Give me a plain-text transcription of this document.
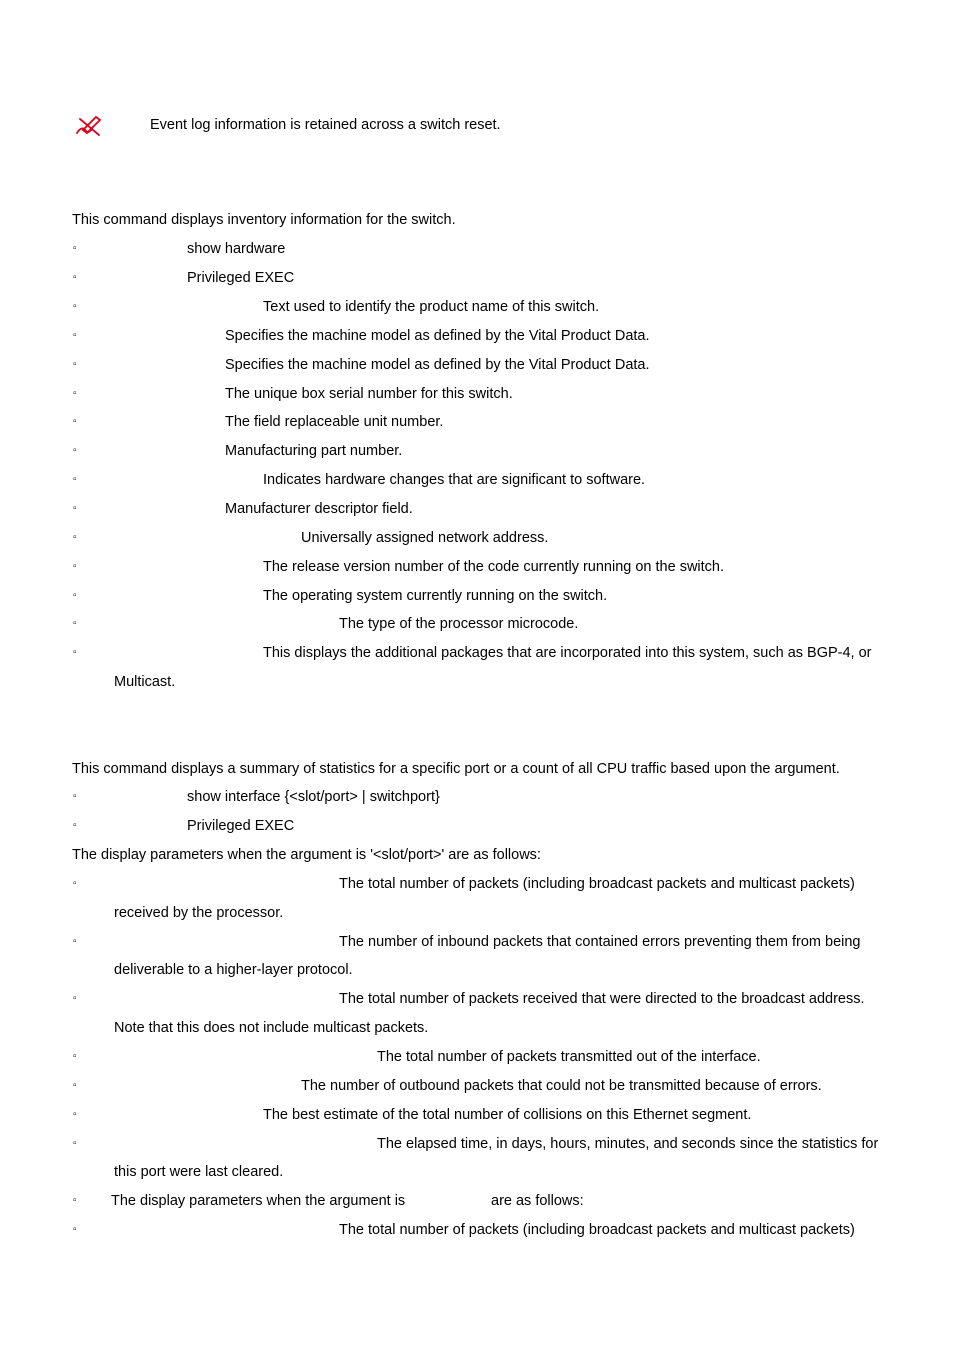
Event log information is retained across a switch reset.
This command displays inventory information for the switch.
▫	show hardware
▫	Privileged EXEC
▫	Text used to identify the product name of this switch.
▫	Specifies the machine model as defined by the Vital Product Data.
▫	Specifies the machine model as defined by the Vital Product Data.
▫	The unique box serial number for this switch.
▫	The field replaceable unit number.
▫	Manufacturing part number.
▫	Indicates hardware changes that are significant to software.
▫	Manufacturer descriptor field.
▫	Universally assigned network address.
▫	The release version number of the code currently running on the switch.
▫	The operating system currently running on the switch.
▫	The type of the processor microcode.
▫	This displays the additional packages that are incorporated into this system, such as BGP-4, or
Multicast.
This command displays a summary of statistics for a specific port or a count of all CPU traffic based upon the argument.
▫	show interface {<slot/port> | switchport}
▫	Privileged EXEC
The display parameters when the argument is '<slot/port>' are as follows:
▫	The total number of packets (including broadcast packets and multicast packets)
received by the processor.
▫	The number of inbound packets that contained errors preventing them from being
deliverable to a higher-layer protocol.
▫	The total number of packets received that were directed to the broadcast address.
Note that this does not include multicast packets.
▫	The total number of packets transmitted out of the interface.
▫	The number of outbound packets that could not be transmitted because of errors.
▫	The best estimate of the total number of collisions on this Ethernet segment.
▫	The elapsed time, in days, hours, minutes, and seconds since the statistics for
this port were last cleared.
▫ The display parameters when the argument is	are as follows:
▫	The total number of packets (including broadcast packets and multicast packets)
